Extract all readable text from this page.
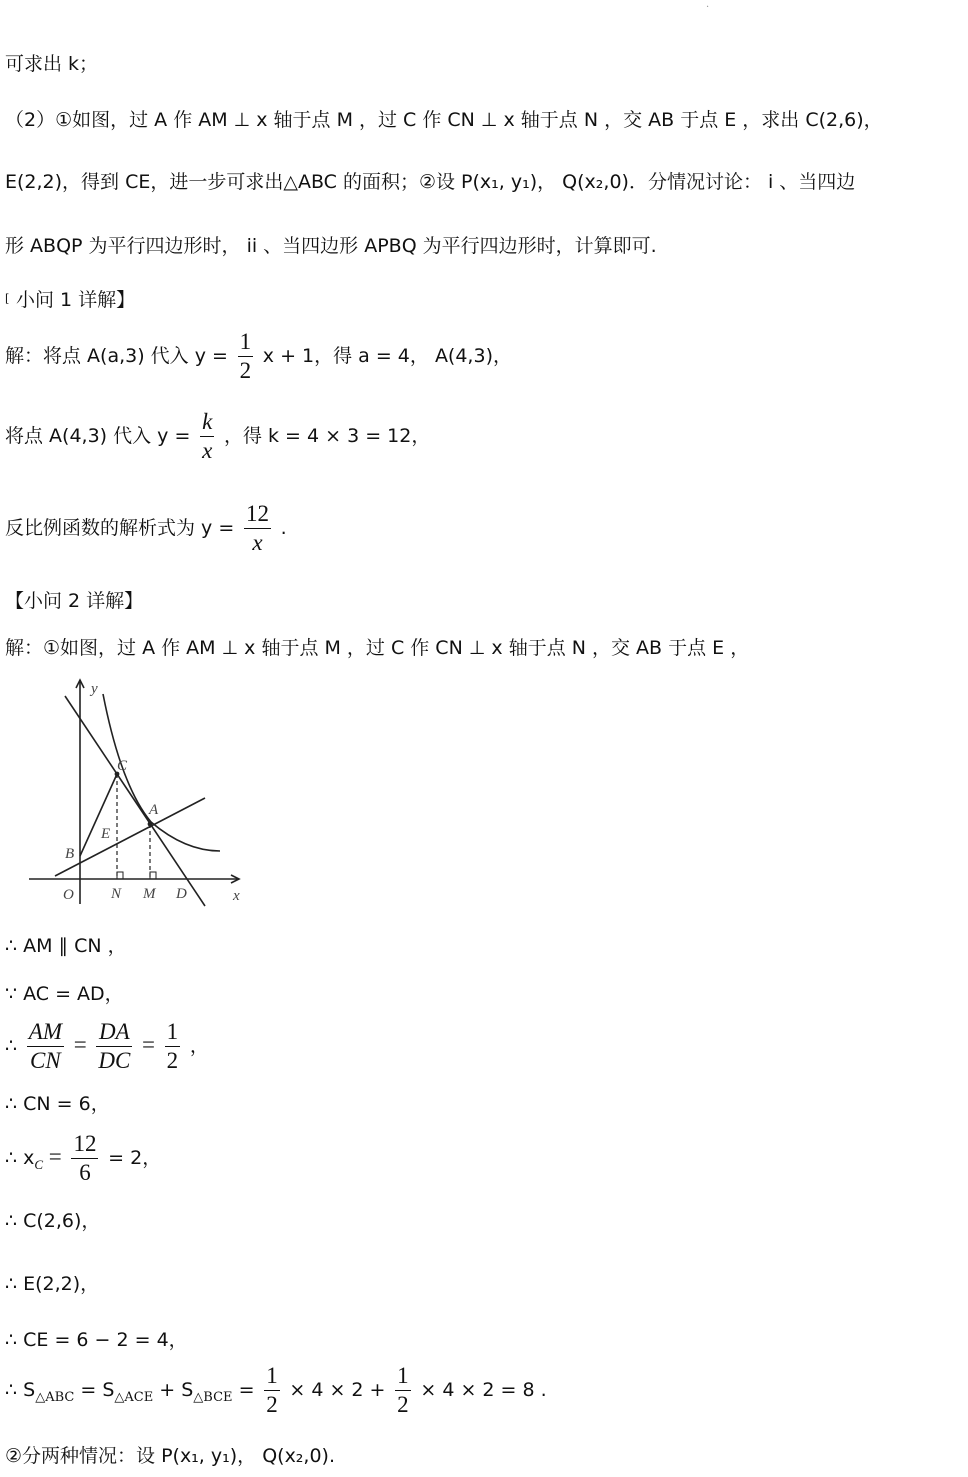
·
可求出 k；
（2）①如图，过 A 作 AM ⊥ x 轴于点 M ，过 C 作 CN ⊥ x 轴于点 N ，交 AB 于点 E ，求出 C(2,6)，
E(2,2)，得到 CE，进一步可求出△ABC 的面积；②设 P(x₁, y₁)， Q(x₂,0)．分情况讨论： i 、当四边
形 ABQP 为平行四边形时， ii 、当四边形 APBQ 为平行四边形时，计算即可.
[ 小问 1 详解】
解：将点 A(a,3) 代入 $y = \frac{1}{2}$ x + 1，得 a = 4， A(4,3)，
将点 A(4,3) 代入 $y = \frac{k}{x}$ ，得 k = 4 × 3 = 12，
反比例函数的解析式为 $y = \frac{12}{x}$ .
【小问 2 详解】
解：①如图，过 A 作 AM ⊥ x 轴于点 M ，过 C 作 CN ⊥ x 轴于点 N ，交 AB 于点 E ，
y
x
O N M D
B
E
A
C
∴ AM ∥ CN ，
∵ AC = AD，
∴ $\frac{AM}{CN} = \frac{DA}{DC} = \frac{1}{2}$ ，
∴ CN = 6，
∴ $x_C = \frac{12}{6} = 2$，
∴ C(2,6)，
∴ E(2,2)，
∴ CE = 6 − 2 = 4，
∴ $S_{\triangle ABC} = S_{\triangle ACE} + S_{\triangle BCE} = \frac{1}{2} \times 4 \times 2 + \frac{1}{2} \times 4 \times 2 = 8$ .
②分两种情况：设 P(x₁, y₁)， Q(x₂,0).
